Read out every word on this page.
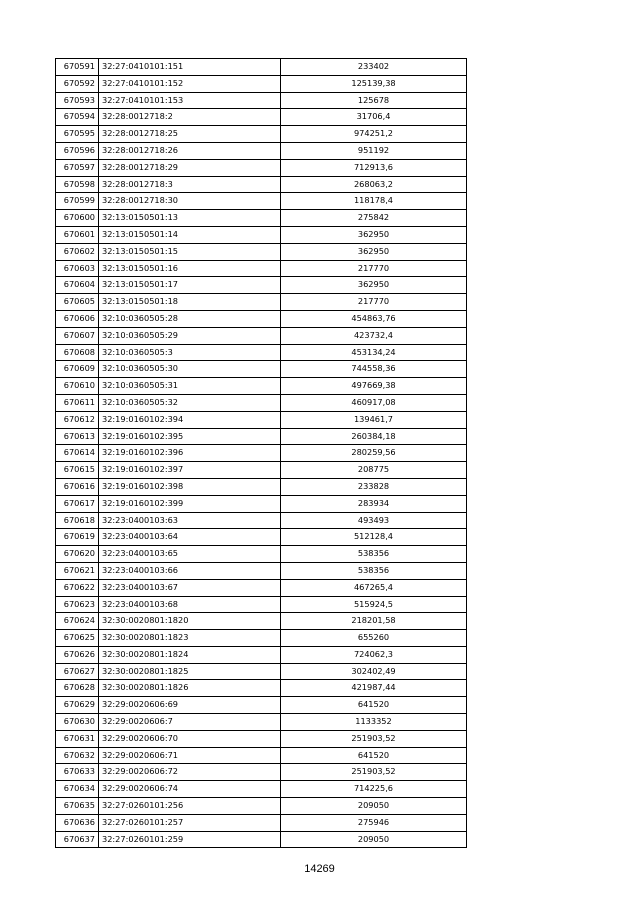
670591	32:27:0410101:151	233402
670592	32:27:0410101:152	125139,38
670593	32:27:0410101:153	125678
670594	32:28:0012718:2	31706,4
670595	32:28:0012718:25	974251,2
670596	32:28:0012718:26	951192
670597	32:28:0012718:29	712913,6
670598	32:28:0012718:3	268063,2
670599	32:28:0012718:30	118178,4
670600	32:13:0150501:13	275842
670601	32:13:0150501:14	362950
670602	32:13:0150501:15	362950
670603	32:13:0150501:16	217770
670604	32:13:0150501:17	362950
670605	32:13:0150501:18	217770
670606	32:10:0360505:28	454863,76
670607	32:10:0360505:29	423732,4
670608	32:10:0360505:3	453134,24
670609	32:10:0360505:30	744558,36
670610	32:10:0360505:31	497669,38
670611	32:10:0360505:32	460917,08
670612	32:19:0160102:394	139461,7
670613	32:19:0160102:395	260384,18
670614	32:19:0160102:396	280259,56
670615	32:19:0160102:397	208775
670616	32:19:0160102:398	233828
670617	32:19:0160102:399	283934
670618	32:23:0400103:63	493493
670619	32:23:0400103:64	512128,4
670620	32:23:0400103:65	538356
670621	32:23:0400103:66	538356
670622	32:23:0400103:67	467265,4
670623	32:23:0400103:68	515924,5
670624	32:30:0020801:1820	218201,58
670625	32:30:0020801:1823	655260
670626	32:30:0020801:1824	724062,3
670627	32:30:0020801:1825	302402,49
670628	32:30:0020801:1826	421987,44
670629	32:29:0020606:69	641520
670630	32:29:0020606:7	1133352
670631	32:29:0020606:70	251903,52
670632	32:29:0020606:71	641520
670633	32:29:0020606:72	251903,52
670634	32:29:0020606:74	714225,6
670635	32:27:0260101:256	209050
670636	32:27:0260101:257	275946
670637	32:27:0260101:259	209050
14269
